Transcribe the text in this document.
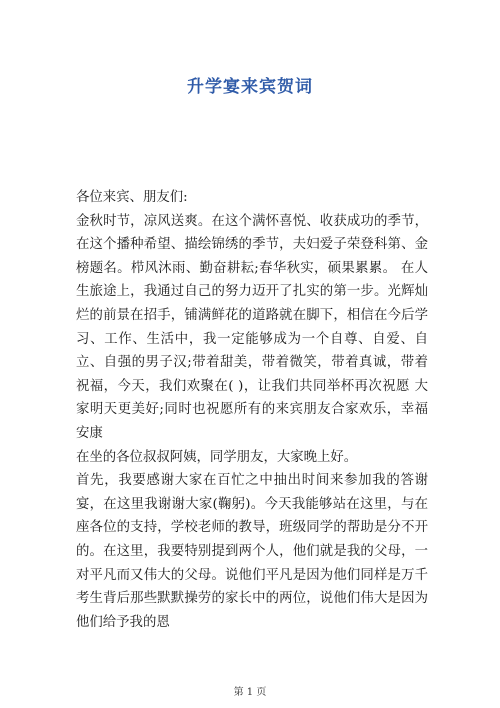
升学宴来宾贺词

各位来宾、朋友们:

金秋时节，凉风送爽。在这个满怀喜悦、收获成功的季节，在这个播种希望、描绘锦绣的季节，夫妇爱子荣登科第、金榜题名。栉风沐雨、勤奋耕耘;春华秋实，硕果累累。 在人生旅途上，我通过自己的努力迈开了扎实的第一步。光辉灿烂的前景在招手，铺满鲜花的道路就在脚下，相信在今后学习、工作、生活中，我一定能够成为一个自尊、自爱、自立、自强的男子汉;带着甜美，带着微笑，带着真诚，带着祝福，今天，我们欢聚在( )，让我们共同举杯再次祝愿 大家明天更美好;同时也祝愿所有的来宾朋友合家欢乐，幸福安康

在坐的各位叔叔阿姨，同学朋友，大家晚上好。

首先，我要感谢大家在百忙之中抽出时间来参加我的答谢宴，在这里我谢谢大家(鞠躬)。今天我能够站在这里，与在座各位的支持，学校老师的教导，班级同学的帮助是分不开的。在这里，我要特别提到两个人，他们就是我的父母，一对平凡而又伟大的父母。说他们平凡是因为他们同样是万千考生背后那些默默操劳的家长中的两位，说他们伟大是因为他们给予我的恩

第 1 页
